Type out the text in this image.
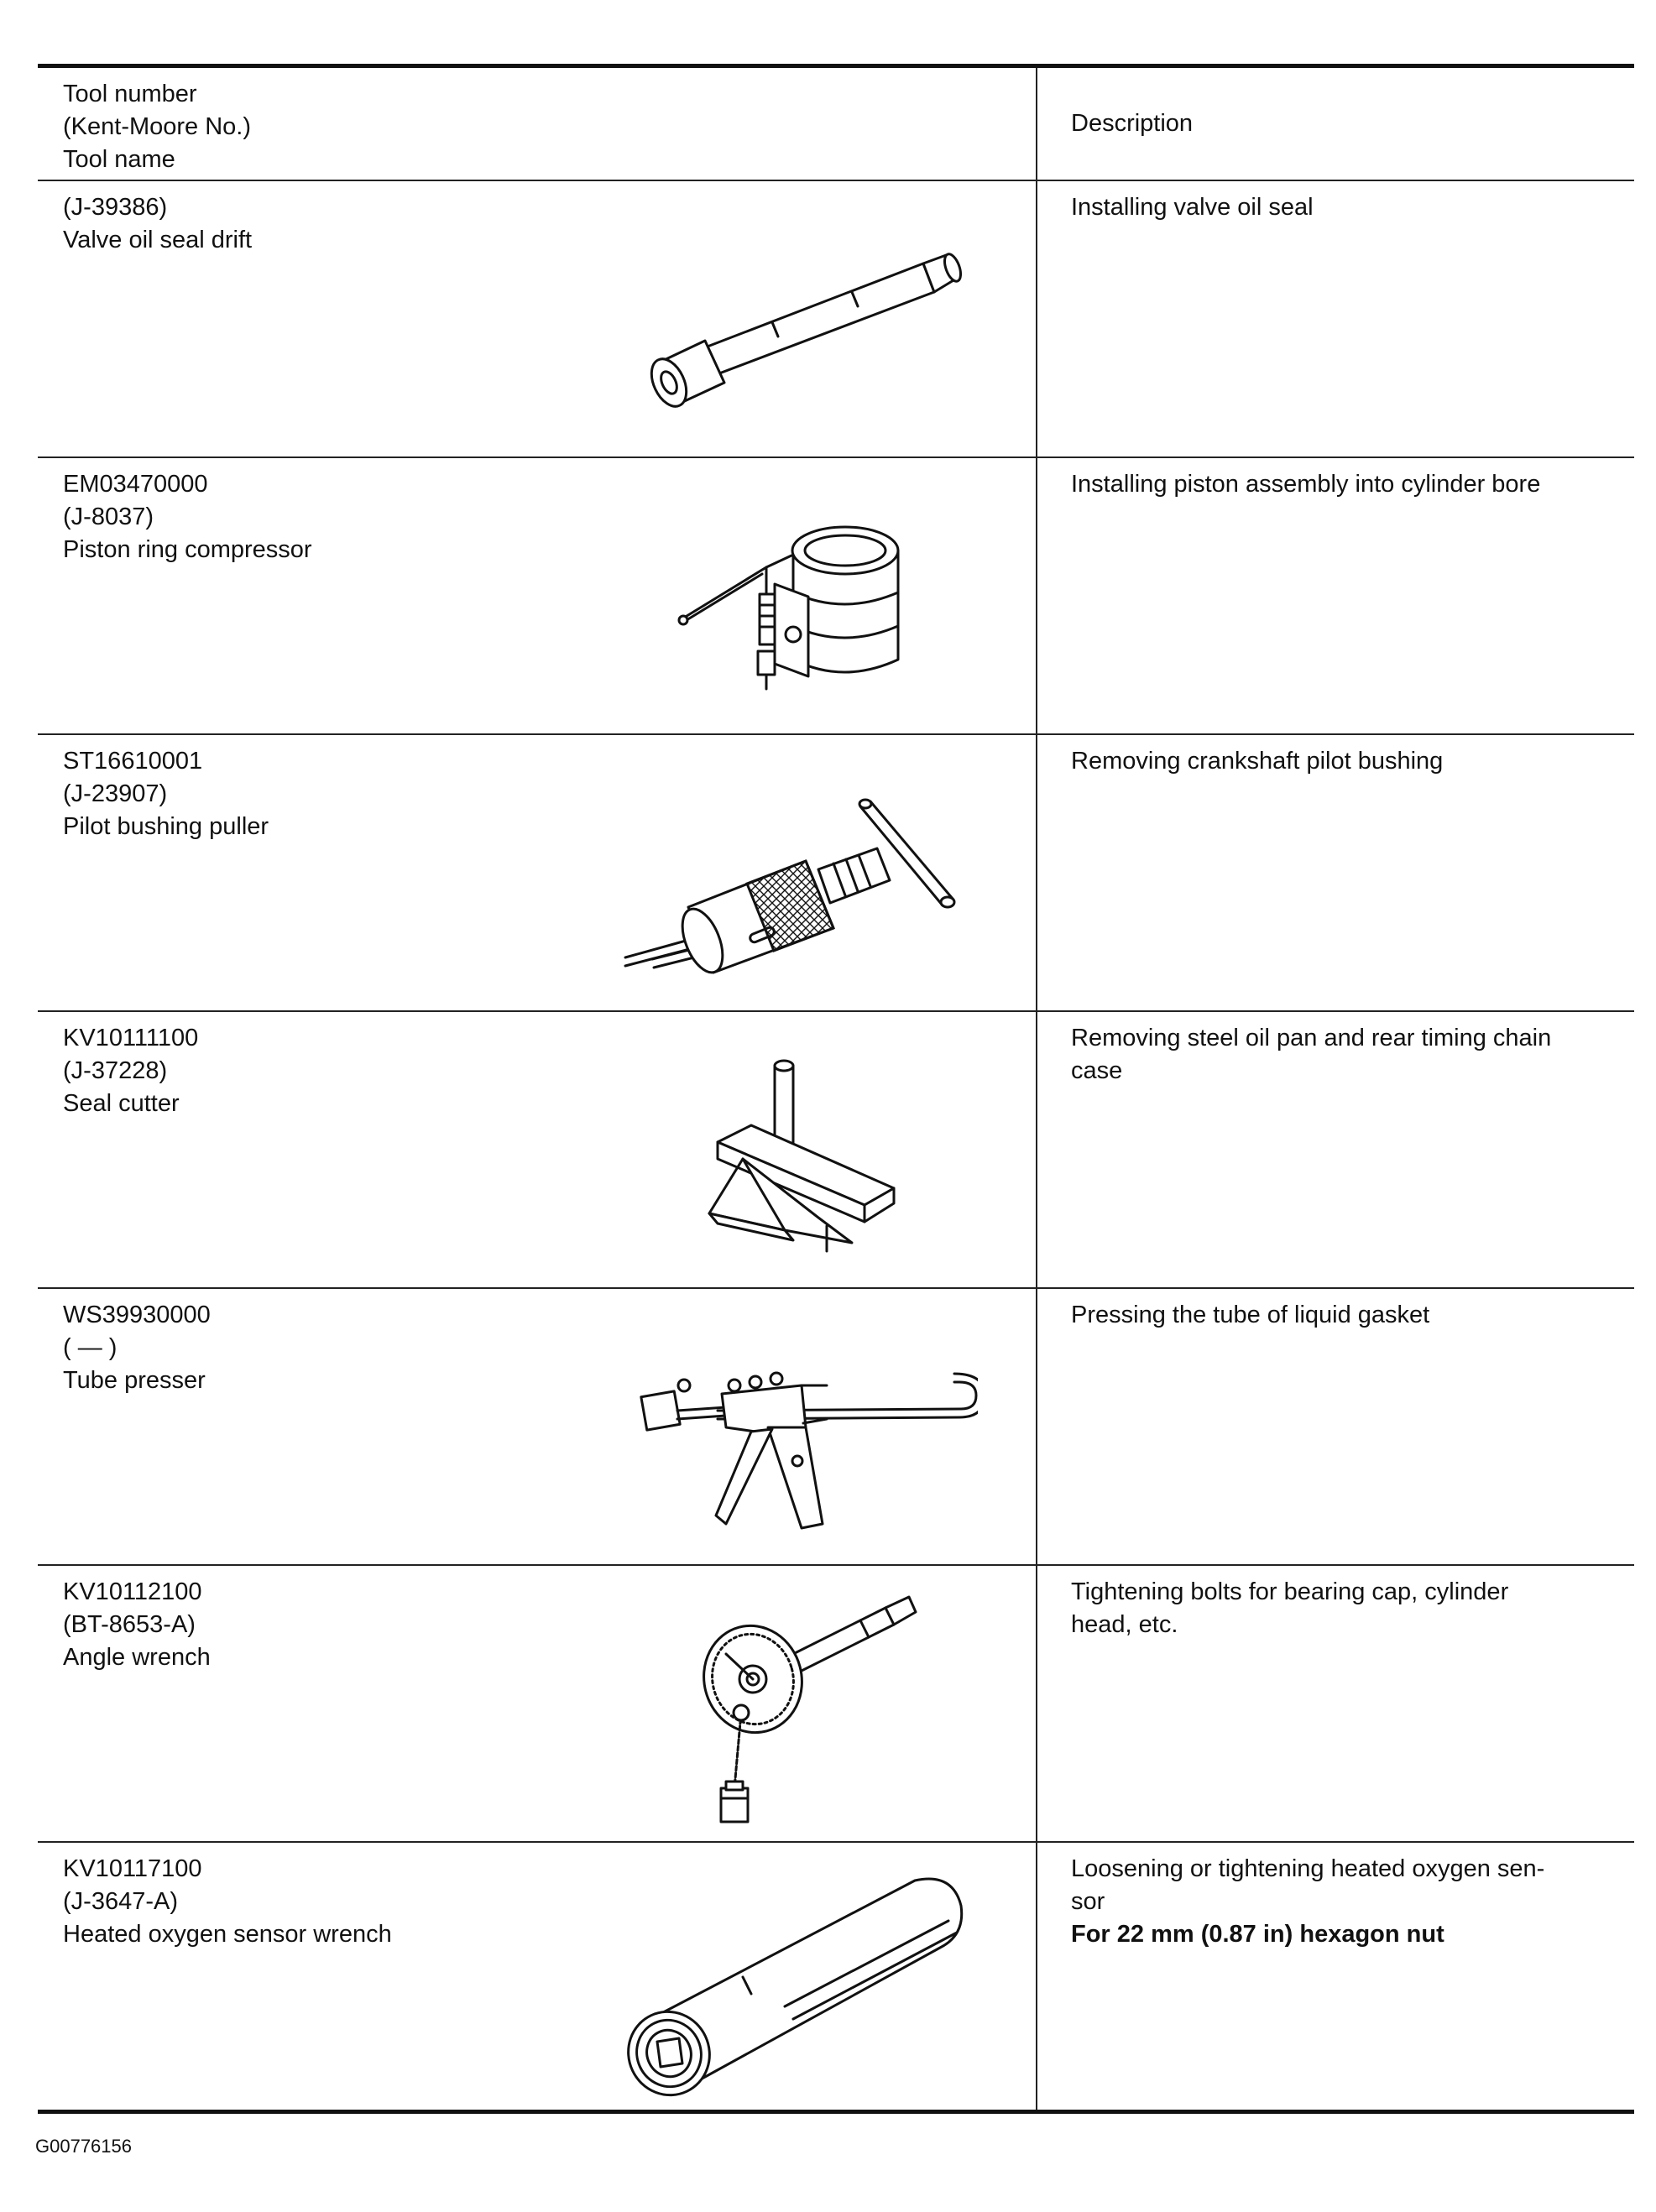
Tool number
(Kent-Moore No.)
Tool name
Description
(J-39386)
Valve oil seal drift
Installing valve oil seal
EM03470000
(J-8037)
Piston ring compressor
Installing piston assembly into cylinder bore
ST16610001
(J-23907)
Pilot bushing puller
Removing crankshaft pilot bushing
KV10111100
(J-37228)
Seal cutter
Removing steel oil pan and rear timing chain
case
WS39930000
( — )
Tube presser
Pressing the tube of liquid gasket
KV10112100
(BT-8653-A)
Angle wrench
Tightening bolts for bearing cap, cylinder
head, etc.
KV10117100
(J-3647-A)
Heated oxygen sensor wrench
Loosening or tightening heated oxygen sen-
sor
For 22 mm (0.87 in) hexagon nut
G00776156
